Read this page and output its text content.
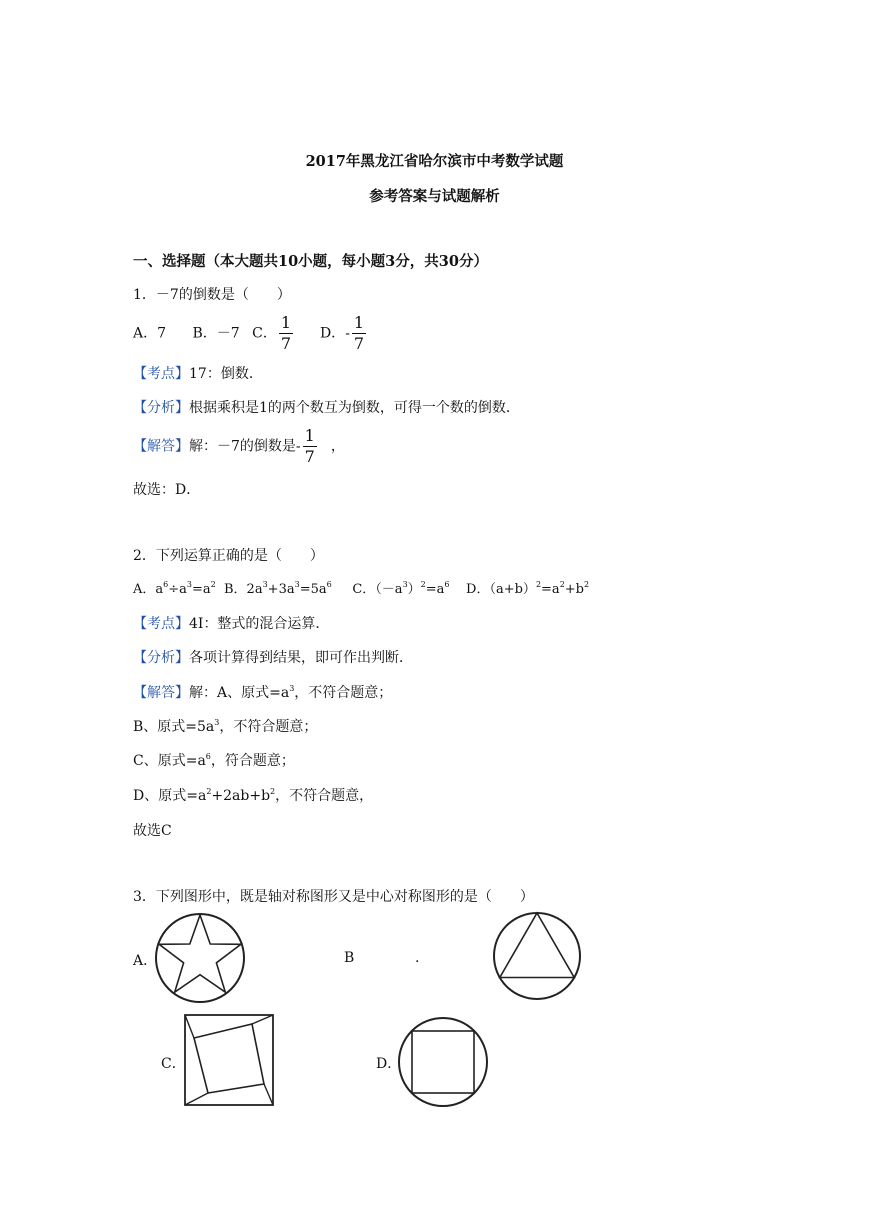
2017年黑龙江省哈尔滨市中考数学试题
参考答案与试题解析
一、选择题（本大题共10小题，每小题3分，共30分）
1．－7的倒数是（　　）
A．7 B．－7 C． $\frac{1}{7}$ D．- $\frac{1}{7}$
【考点】17：倒数．
【分析】根据乘积是1的两个数互为倒数，可得一个数的倒数．
【解答】解：－7的倒数是- $\frac{1}{7}$ ，
故选：D．
2．下列运算正确的是（　　）
A．$a^6\div a^3=a^2$  B．$2a^3+3a^3=5a^6$     C．$(-a^3)^2=a^6$    D．$(a+b)^2=a^2+b^2$
【考点】4I：整式的混合运算．
【分析】各项计算得到结果，即可作出判断．
【解答】解：A、原式$=a^3$，不符合题意；
B、原式$=5a^3$，不符合题意；
C、原式$=a^6$，符合题意；
D、原式$=a^2+2ab+b^2$，不符合题意，
故选C
3．下列图形中，既是轴对称图形又是中心对称图形的是（　　）
A．	B	.
C．	D．
